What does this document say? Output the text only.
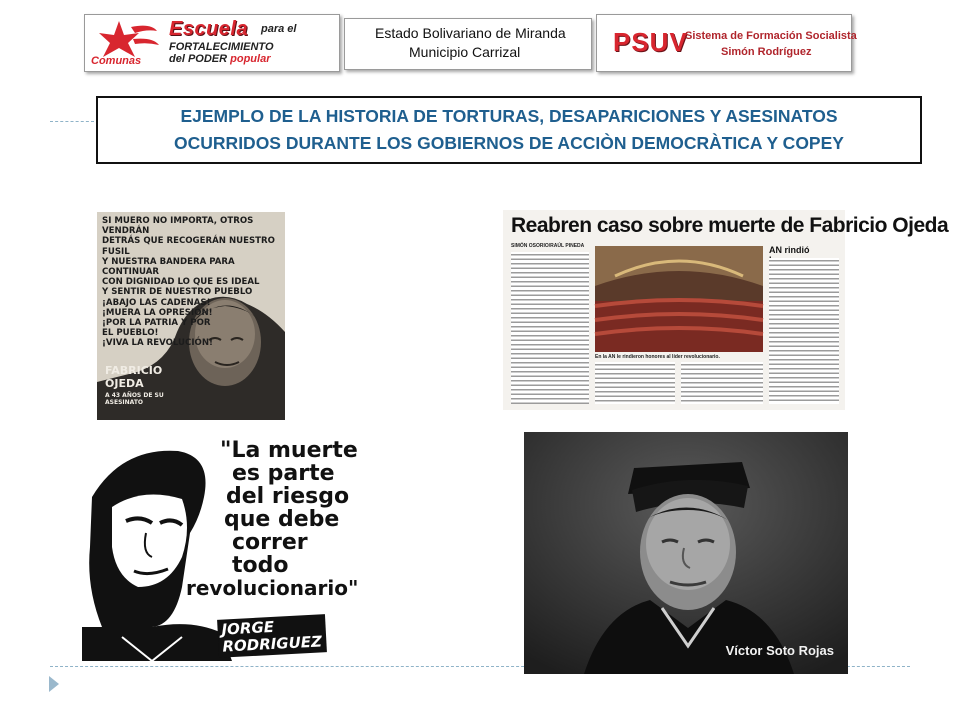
Comunas
Escuela para el
FORTALECIMIENTO
del PODER popular
Estado Bolivariano de Miranda
Municipio Carrizal	PSUV
Sistema de Formación Socialista
Simón Rodríguez
EJEMPLO DE LA HISTORIA DE TORTURAS, DESAPARICIONES Y ASESINATOS
OCURRIDOS DURANTE LOS GOBIERNOS DE ACCIÒN DEMOCRÀTICA Y COPEY
SI MUERO NO IMPORTA, OTROS VENDRÁN
DETRÁS QUE RECOGERÁN NUESTRO FUSIL
Y NUESTRA BANDERA PARA CONTINUAR
CON DIGNIDAD LO QUE ES IDEAL
Y SENTIR DE NUESTRO PUEBLO
¡ABAJO LAS CADENAS!
¡MUERA LA OPRESIÓN!
¡POR LA PATRIA Y POR
EL PUEBLO!
¡VIVA LA REVOLUCIÓN!
FABRICIO
OJEDA
A 43 AÑOS DE SU ASESINATO
Reabren caso sobre muerte de Fabricio Ojeda
SIMÓN OSORIO/RAÚL PINEDA
En la AN le rindieron honores al líder revolucionario.
AN rindió
"La muerte
es parte
del riesgo
que debe
correr
todo
revolucionario"
JORGE
RODRIGUEZ	Víctor Soto Rojas
